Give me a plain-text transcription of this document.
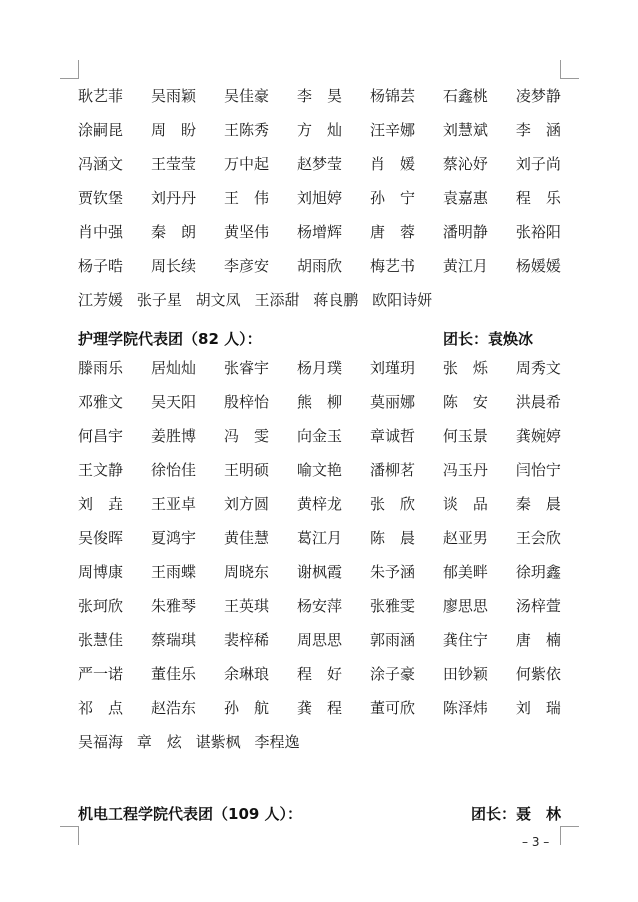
耿艺菲 吴雨颖 吴佳豪 李　昊 杨锦芸 石鑫桃 凌梦静
涂嗣昆 周　盼 王陈秀 方　灿 汪辛娜 刘慧斌 李　涵
冯涵文 王莹莹 万中起 赵梦莹 肖　媛 蔡沁妤 刘子尚
贾钦堡 刘丹丹 王　伟 刘旭婷 孙　宁 袁嘉惠 程　乐
肖中强 秦　朗 黄坚伟 杨增辉 唐　蓉 潘明静 张裕阳
杨子晧 周长续 李彦安 胡雨欣 梅艺书 黄江月 杨媛媛
江芳媛 张子星 胡文凤 王添甜 蒋良鹏 欧阳诗妍
护理学院代表团（82 人）：	团长：袁焕冰
滕雨乐 居灿灿 张睿宇 杨月璞 刘瑾玥 张　烁 周秀文
邓雅文 吴天阳 殷梓怡 熊　柳 莫丽娜 陈　安 洪晨希
何昌宇 姜胜博 冯　雯 向金玉 章诚哲 何玉景 龚婉婷
王文静 徐怡佳 王明硕 喻文艳 潘柳茗 冯玉丹 闫怡宁
刘　垚 王亚卓 刘方圆 黄梓龙 张　欣 谈　品 秦　晨
吴俊晖 夏鸿宇 黄佳慧 葛江月 陈　晨 赵亚男 王会欣
周博康 王雨蝶 周晓东 谢枫霞 朱予涵 郁美畔 徐玥鑫
张珂欣 朱雅琴 王英琪 杨安萍 张雅雯 廖思思 汤梓萱
张慧佳 蔡瑞琪 裴梓稀 周思思 郭雨涵 龚住宁 唐　楠
严一诺 董佳乐 余琳琅 程　好 涂子豪 田钞颖 何紫依
祁　点 赵浩东 孙　航 龚　程 董可欣 陈泽炜 刘　瑞
吴福海 章　炫 谌紫枫 李程逸
机电工程学院代表团（109 人）：	团长：聂　林
– 3 –
